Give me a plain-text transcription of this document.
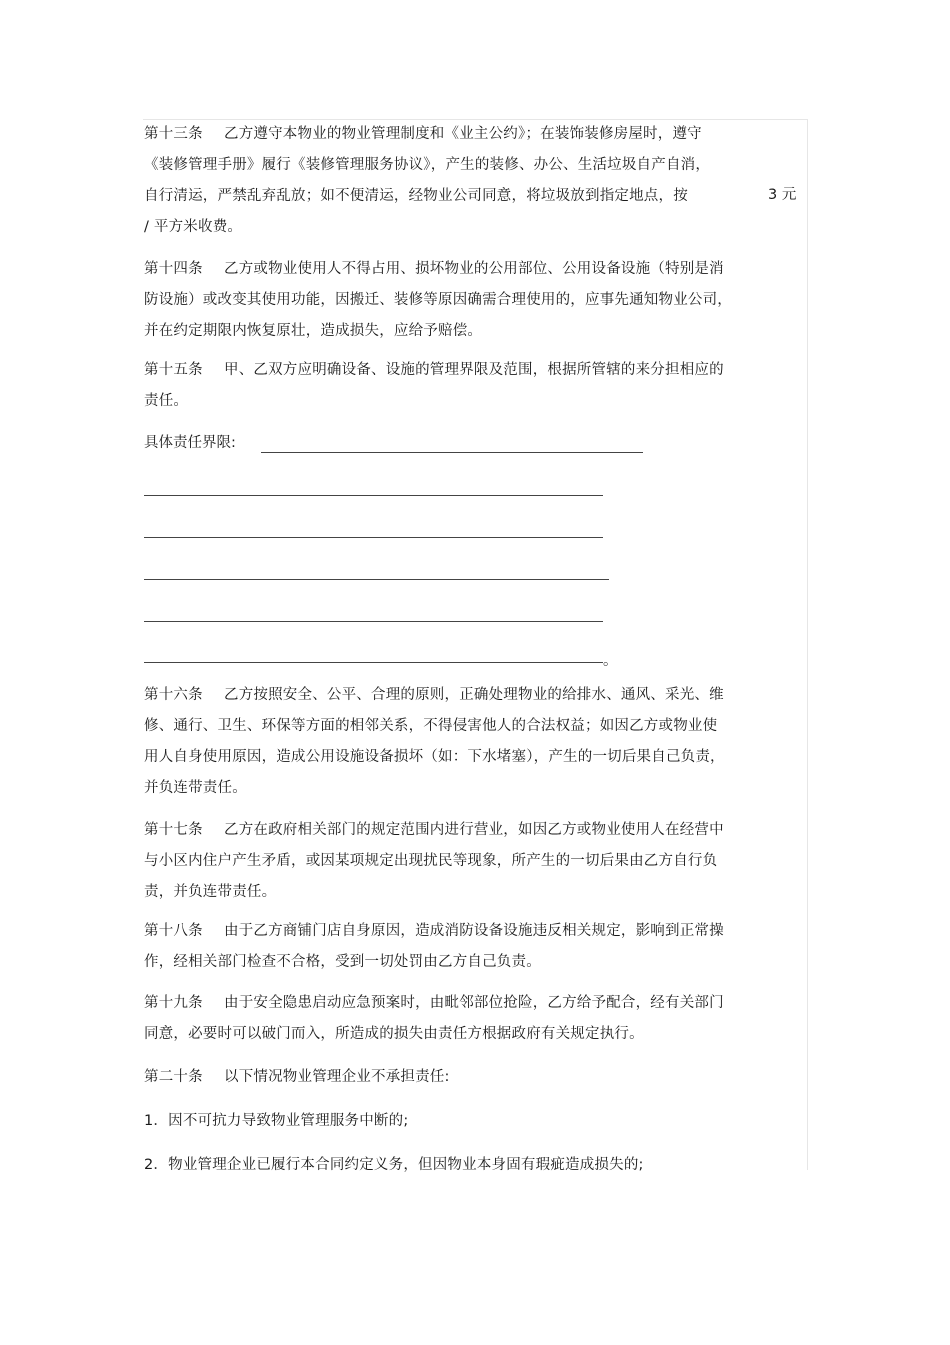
第十三条 乙方遵守本物业的物业管理制度和《业主公约》；在装饰装修房屋时，遵守
《装修管理手册》履行《装修管理服务协议》，产生的装修、办公、生活垃圾自产自消，
自行清运，严禁乱弃乱放；如不便清运，经物业公司同意，将垃圾放到指定地点，按
/ 平方米收费。
3 元
第十四条 乙方或物业使用人不得占用、损坏物业的公用部位、公用设备设施（特别是消
防设施）或改变其使用功能，因搬迁、装修等原因确需合理使用的，应事先通知物业公司，
并在约定期限内恢复原壮，造成损失，应给予赔偿。
第十五条 甲、乙双方应明确设备、设施的管理界限及范围，根据所管辖的来分担相应的
责任。
具体责任界限:
。
第十六条 乙方按照安全、公平、合理的原则，正确处理物业的给排水、通风、采光、维
修、通行、卫生、环保等方面的相邻关系，不得侵害他人的合法权益；如因乙方或物业使
用人自身使用原因，造成公用设施设备损坏（如：下水堵塞），产生的一切后果自己负责，
并负连带责任。
第十七条 乙方在政府相关部门的规定范围内进行营业，如因乙方或物业使用人在经营中
与小区内住户产生矛盾，或因某项规定出现扰民等现象，所产生的一切后果由乙方自行负
责，并负连带责任。
第十八条 由于乙方商铺门店自身原因，造成消防设备设施违反相关规定，影响到正常操
作，经相关部门检查不合格，受到一切处罚由乙方自己负责。
第十九条 由于安全隐患启动应急预案时，由毗邻部位抢险，乙方给予配合，经有关部门
同意，必要时可以破门而入，所造成的损失由责任方根据政府有关规定执行。
第二十条 以下情况物业管理企业不承担责任:
1．因不可抗力导致物业管理服务中断的;
2．物业管理企业已履行本合同约定义务，但因物业本身固有瑕疵造成损失的;
